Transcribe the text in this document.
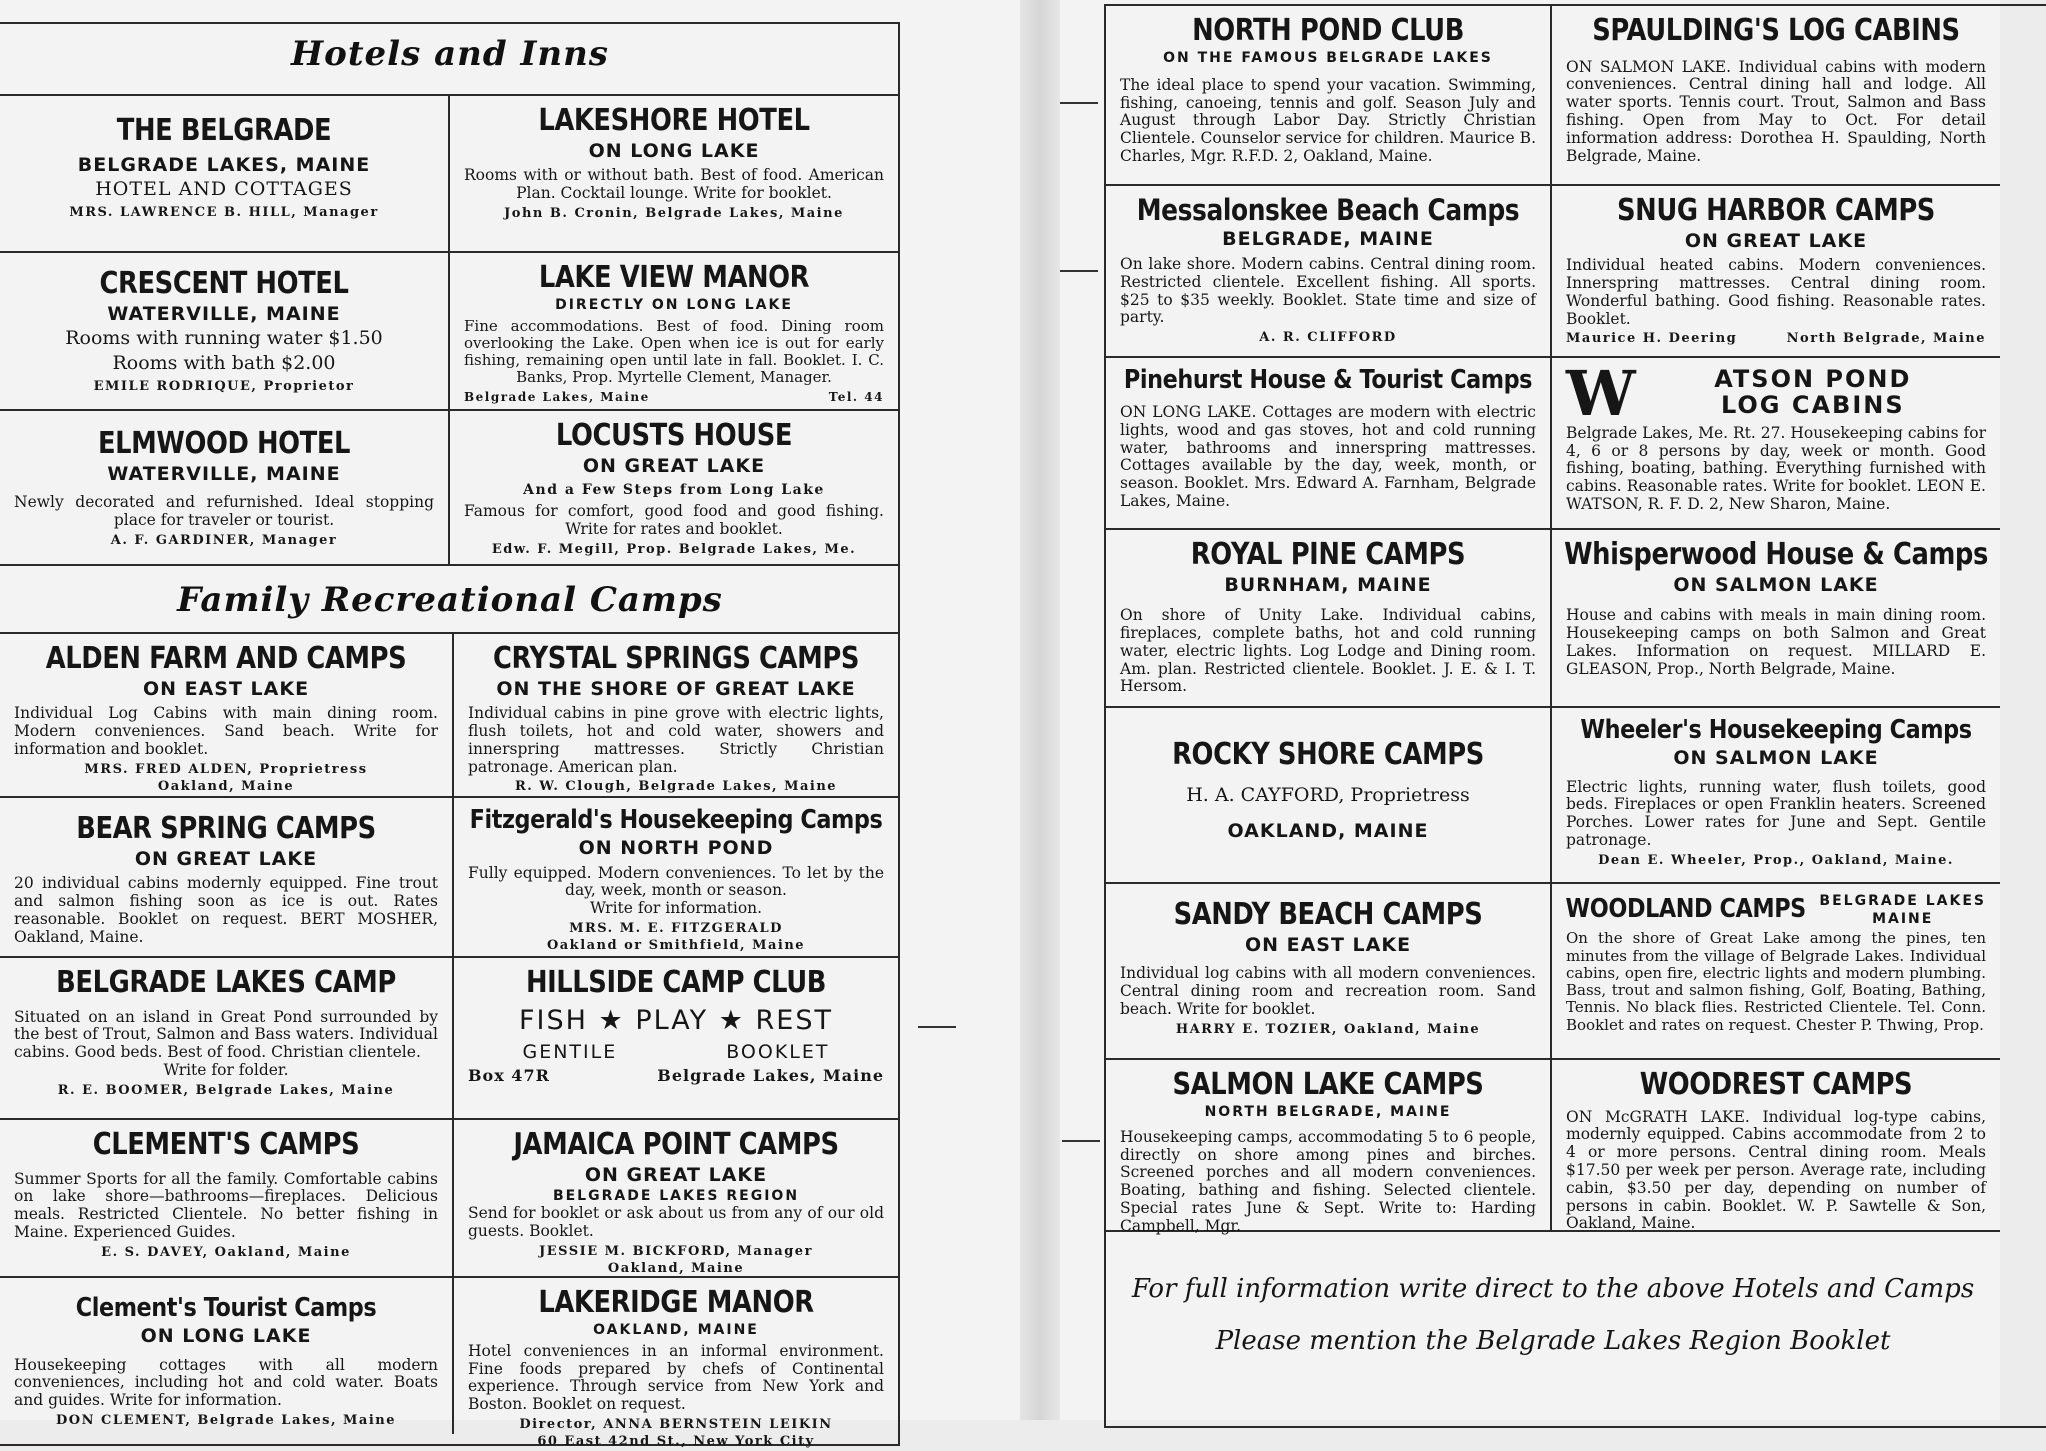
Hotels and Inns
THE BELGRADE
BELGRADE LAKES, MAINE
HOTEL AND COTTAGES
MRS. LAWRENCE B. HILL, Manager
LAKESHORE HOTEL
ON LONG LAKE
Rooms with or without bath. Best of food. American Plan. Cocktail lounge. Write for booklet.
John B. Cronin, Belgrade Lakes, Maine
CRESCENT HOTEL
WATERVILLE, MAINE
Rooms with running water $1.50
Rooms with bath $2.00
EMILE RODRIQUE, Proprietor
LAKE VIEW MANOR
DIRECTLY ON LONG LAKE
Fine accommodations. Best of food. Dining room overlooking the Lake. Open when ice is out for early fishing, remaining open until late in fall. Booklet. I. C. Banks, Prop. Myrtelle Clement, Manager.
Belgrade Lakes, Maine	Tel. 44
ELMWOOD HOTEL
WATERVILLE, MAINE
Newly decorated and refurnished. Ideal stopping place for traveler or tourist.
A. F. GARDINER, Manager
LOCUSTS HOUSE
ON GREAT LAKE
And a Few Steps from Long Lake
Famous for comfort, good food and good fishing. Write for rates and booklet.
Edw. F. Megill, Prop. Belgrade Lakes, Me.
Family Recreational Camps
ALDEN FARM AND CAMPS
ON EAST LAKE
Individual Log Cabins with main dining room. Modern conveniences. Sand beach. Write for information and booklet.
MRS. FRED ALDEN, Proprietress
Oakland, Maine
CRYSTAL SPRINGS CAMPS
ON THE SHORE OF GREAT LAKE
Individual cabins in pine grove with electric lights, flush toilets, hot and cold water, showers and innerspring mattresses. Strictly Christian patronage. American plan.
R. W. Clough, Belgrade Lakes, Maine
BEAR SPRING CAMPS
ON GREAT LAKE
20 individual cabins modernly equipped. Fine trout and salmon fishing soon as ice is out. Rates reasonable. Booklet on request. BERT MOSHER, Oakland, Maine.
Fitzgerald's Housekeeping Camps
ON NORTH POND
Fully equipped. Modern conveniences. To let by the day, week, month or season.
Write for information.
MRS. M. E. FITZGERALD
Oakland or Smithfield, Maine
BELGRADE LAKES CAMP
Situated on an island in Great Pond surrounded by the best of Trout, Salmon and Bass waters. Individual cabins. Good beds. Best of food. Christian clientele.
Write for folder.
R. E. BOOMER, Belgrade Lakes, Maine
HILLSIDE CAMP CLUB
FISH ★ PLAY ★ REST
GENTILE	BOOKLET
Box 47R	Belgrade Lakes, Maine
CLEMENT'S CAMPS
Summer Sports for all the family. Comfortable cabins on lake shore—bathrooms—fireplaces. Delicious meals. Restricted Clientele. No better fishing in Maine. Experienced Guides.
E. S. DAVEY, Oakland, Maine
JAMAICA POINT CAMPS
ON GREAT LAKE
BELGRADE LAKES REGION
Send for booklet or ask about us from any of our old guests. Booklet.
JESSIE M. BICKFORD, Manager
Oakland, Maine
Clement's Tourist Camps
ON LONG LAKE
Housekeeping cottages with all modern conveniences, including hot and cold water. Boats and guides. Write for information.
DON CLEMENT, Belgrade Lakes, Maine
LAKERIDGE MANOR
OAKLAND, MAINE
Hotel conveniences in an informal environment. Fine foods prepared by chefs of Continental experience. Through service from New York and Boston. Booklet on request.
Director, ANNA BERNSTEIN LEIKIN
60 East 42nd St., New York City
NORTH POND CLUB
ON THE FAMOUS BELGRADE LAKES
The ideal place to spend your vacation. Swimming, fishing, canoeing, tennis and golf. Season July and August through Labor Day. Strictly Christian Clientele. Counselor service for children. Maurice B. Charles, Mgr. R.F.D. 2, Oakland, Maine.
SPAULDING'S LOG CABINS
ON SALMON LAKE. Individual cabins with modern conveniences. Central dining hall and lodge. All water sports. Tennis court. Trout, Salmon and Bass fishing. Open from May to Oct. For detail information address: Dorothea H. Spaulding, North Belgrade, Maine.
Messalonskee Beach Camps
BELGRADE, MAINE
On lake shore. Modern cabins. Central dining room. Restricted clientele. Excellent fishing. All sports. $25 to $35 weekly. Booklet. State time and size of party.
A. R. CLIFFORD
SNUG HARBOR CAMPS
ON GREAT LAKE
Individual heated cabins. Modern conveniences. Innerspring mattresses. Central dining room. Wonderful bathing. Good fishing. Reasonable rates. Booklet.
Maurice H. Deering	North Belgrade, Maine
Pinehurst House & Tourist Camps
ON LONG LAKE. Cottages are modern with electric lights, wood and gas stoves, hot and cold running water, bathrooms and innerspring mattresses. Cottages available by the day, week, month, or season. Booklet. Mrs. Edward A. Farnham, Belgrade Lakes, Maine.
W	ATSON POND
LOG CABINS
Belgrade Lakes, Me. Rt. 27. Housekeeping cabins for 4, 6 or 8 persons by day, week or month. Good fishing, boating, bathing. Everything furnished with cabins. Reasonable rates. Write for booklet. LEON E. WATSON, R. F. D. 2, New Sharon, Maine.
ROYAL PINE CAMPS
BURNHAM, MAINE
On shore of Unity Lake. Individual cabins, fireplaces, complete baths, hot and cold running water, electric lights. Log Lodge and Dining room. Am. plan. Restricted clientele. Booklet. J. E. & I. T. Hersom.
Whisperwood House & Camps
ON SALMON LAKE
House and cabins with meals in main dining room. Housekeeping camps on both Salmon and Great Lakes. Information on request. MILLARD E. GLEASON, Prop., North Belgrade, Maine.
ROCKY SHORE CAMPS
H. A. CAYFORD, Proprietress
OAKLAND, MAINE
Wheeler's Housekeeping Camps
ON SALMON LAKE
Electric lights, running water, flush toilets, good beds. Fireplaces or open Franklin heaters. Screened Porches. Lower rates for June and Sept. Gentile patronage.
Dean E. Wheeler, Prop., Oakland, Maine.
SANDY BEACH CAMPS
ON EAST LAKE
Individual log cabins with all modern conveniences. Central dining room and recreation room. Sand beach. Write for booklet.
HARRY E. TOZIER, Oakland, Maine
WOODLAND CAMPS BELGRADE LAKES
MAINE
On the shore of Great Lake among the pines, ten minutes from the village of Belgrade Lakes. Individual cabins, open fire, electric lights and modern plumbing. Bass, trout and salmon fishing, Golf, Boating, Bathing, Tennis. No black flies. Restricted Clientele. Tel. Conn. Booklet and rates on request. Chester P. Thwing, Prop.
SALMON LAKE CAMPS
NORTH BELGRADE, MAINE
Housekeeping camps, accommodating 5 to 6 people, directly on shore among pines and birches. Screened porches and all modern conveniences. Boating, bathing and fishing. Selected clientele. Special rates June & Sept. Write to: Harding Campbell, Mgr.
WOODREST CAMPS
ON McGRATH LAKE. Individual log-type cabins, modernly equipped. Cabins accommodate from 2 to 4 or more persons. Central dining room. Meals $17.50 per week per person. Average rate, including cabin, $3.50 per day, depending on number of persons in cabin. Booklet. W. P. Sawtelle & Son, Oakland, Maine.
For full information write direct to the above Hotels and Camps
Please mention the Belgrade Lakes Region Booklet
